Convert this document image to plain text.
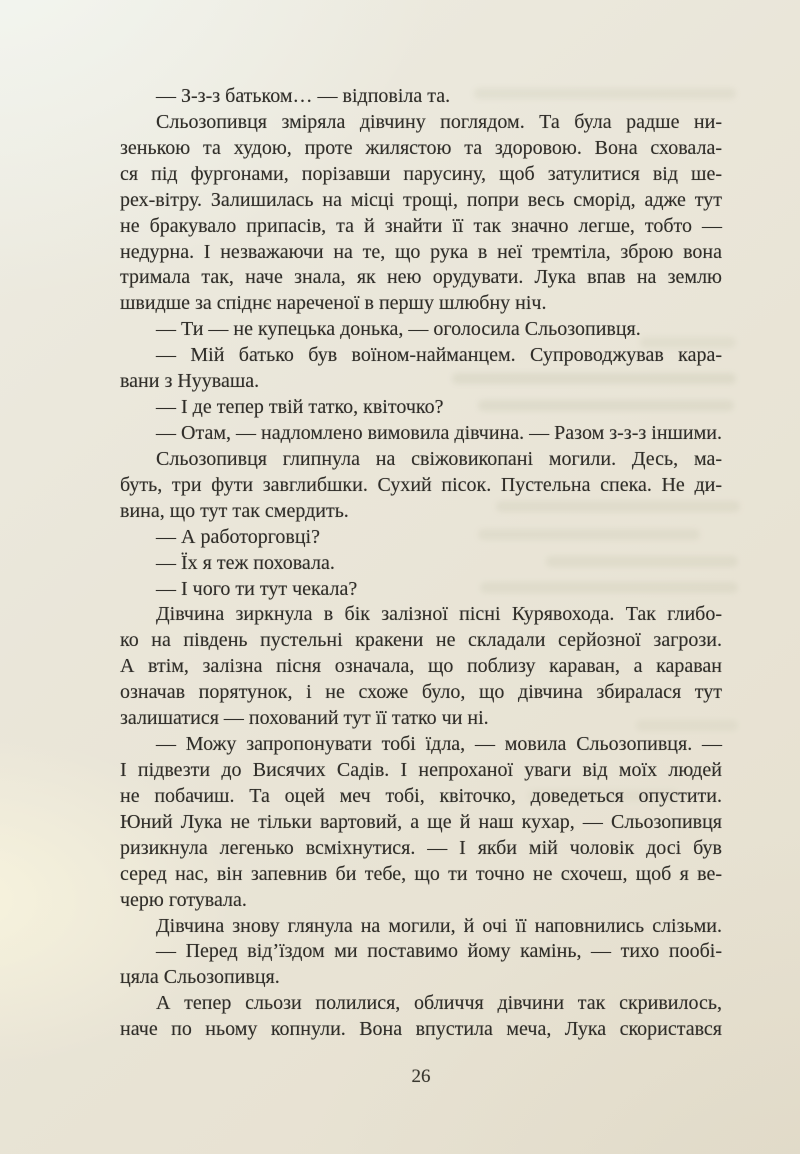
— З-з-з батьком… — відповіла та.

Сльозопивця зміряла дівчину поглядом. Та була радше ни-

зенькою та худою, проте жилястою та здоровою. Вона сховала-

ся під фургонами, порізавши парусину, щоб затулитися від ше-

рех-вітру. Залишилась на місці трощі, попри весь сморід, адже тут

не бракувало припасів, та й знайти її так значно легше, тобто —

недурна. І незважаючи на те, що рука в неї тремтіла, зброю вона

тримала так, наче знала, як нею орудувати. Лука впав на землю

швидше за спіднє нареченої в першу шлюбну ніч.

— Ти — не купецька донька, — оголосила Сльозопивця.

— Мій батько був воїном-найманцем. Супроводжував кара-

вани з Нууваша.

— І де тепер твій татко, квіточко?

— Отам, — надломлено вимовила дівчина. — Разом з-з-з іншими.

Сльозопивця глипнула на свіжовикопані могили. Десь, ма-

буть, три фути завглибшки. Сухий пісок. Пустельна спека. Не ди-

вина, що тут так смердить.

— А работорговці?

— Їх я теж поховала.

— І чого ти тут чекала?

Дівчина зиркнула в бік залізної пісні Курявохода. Так глибо-

ко на південь пустельні кракени не складали серйозної загрози.

А втім, залізна пісня означала, що поблизу караван, а караван

означав порятунок, і не схоже було, що дівчина збиралася тут

залишатися — похований тут її татко чи ні.

— Можу запропонувати тобі їдла, — мовила Сльозопивця. —

І підвезти до Висячих Садів. І непроханої уваги від моїх людей

не побачиш. Та оцей меч тобі, квіточко, доведеться опустити.

Юний Лука не тільки вартовий, а ще й наш кухар, — Сльозопивця

ризикнула легенько всміхнутися. — І якби мій чоловік досі був

серед нас, він запевнив би тебе, що ти точно не схочеш, щоб я ве-

черю готувала.

Дівчина знову глянула на могили, й очі її наповнились слізьми.

— Перед від’їздом ми поставимо йому камінь, — тихо пообі-

цяла Сльозопивця.

А тепер сльози полилися, обличчя дівчини так скривилось,

наче по ньому копнули. Вона впустила меча, Лука скористався

26
